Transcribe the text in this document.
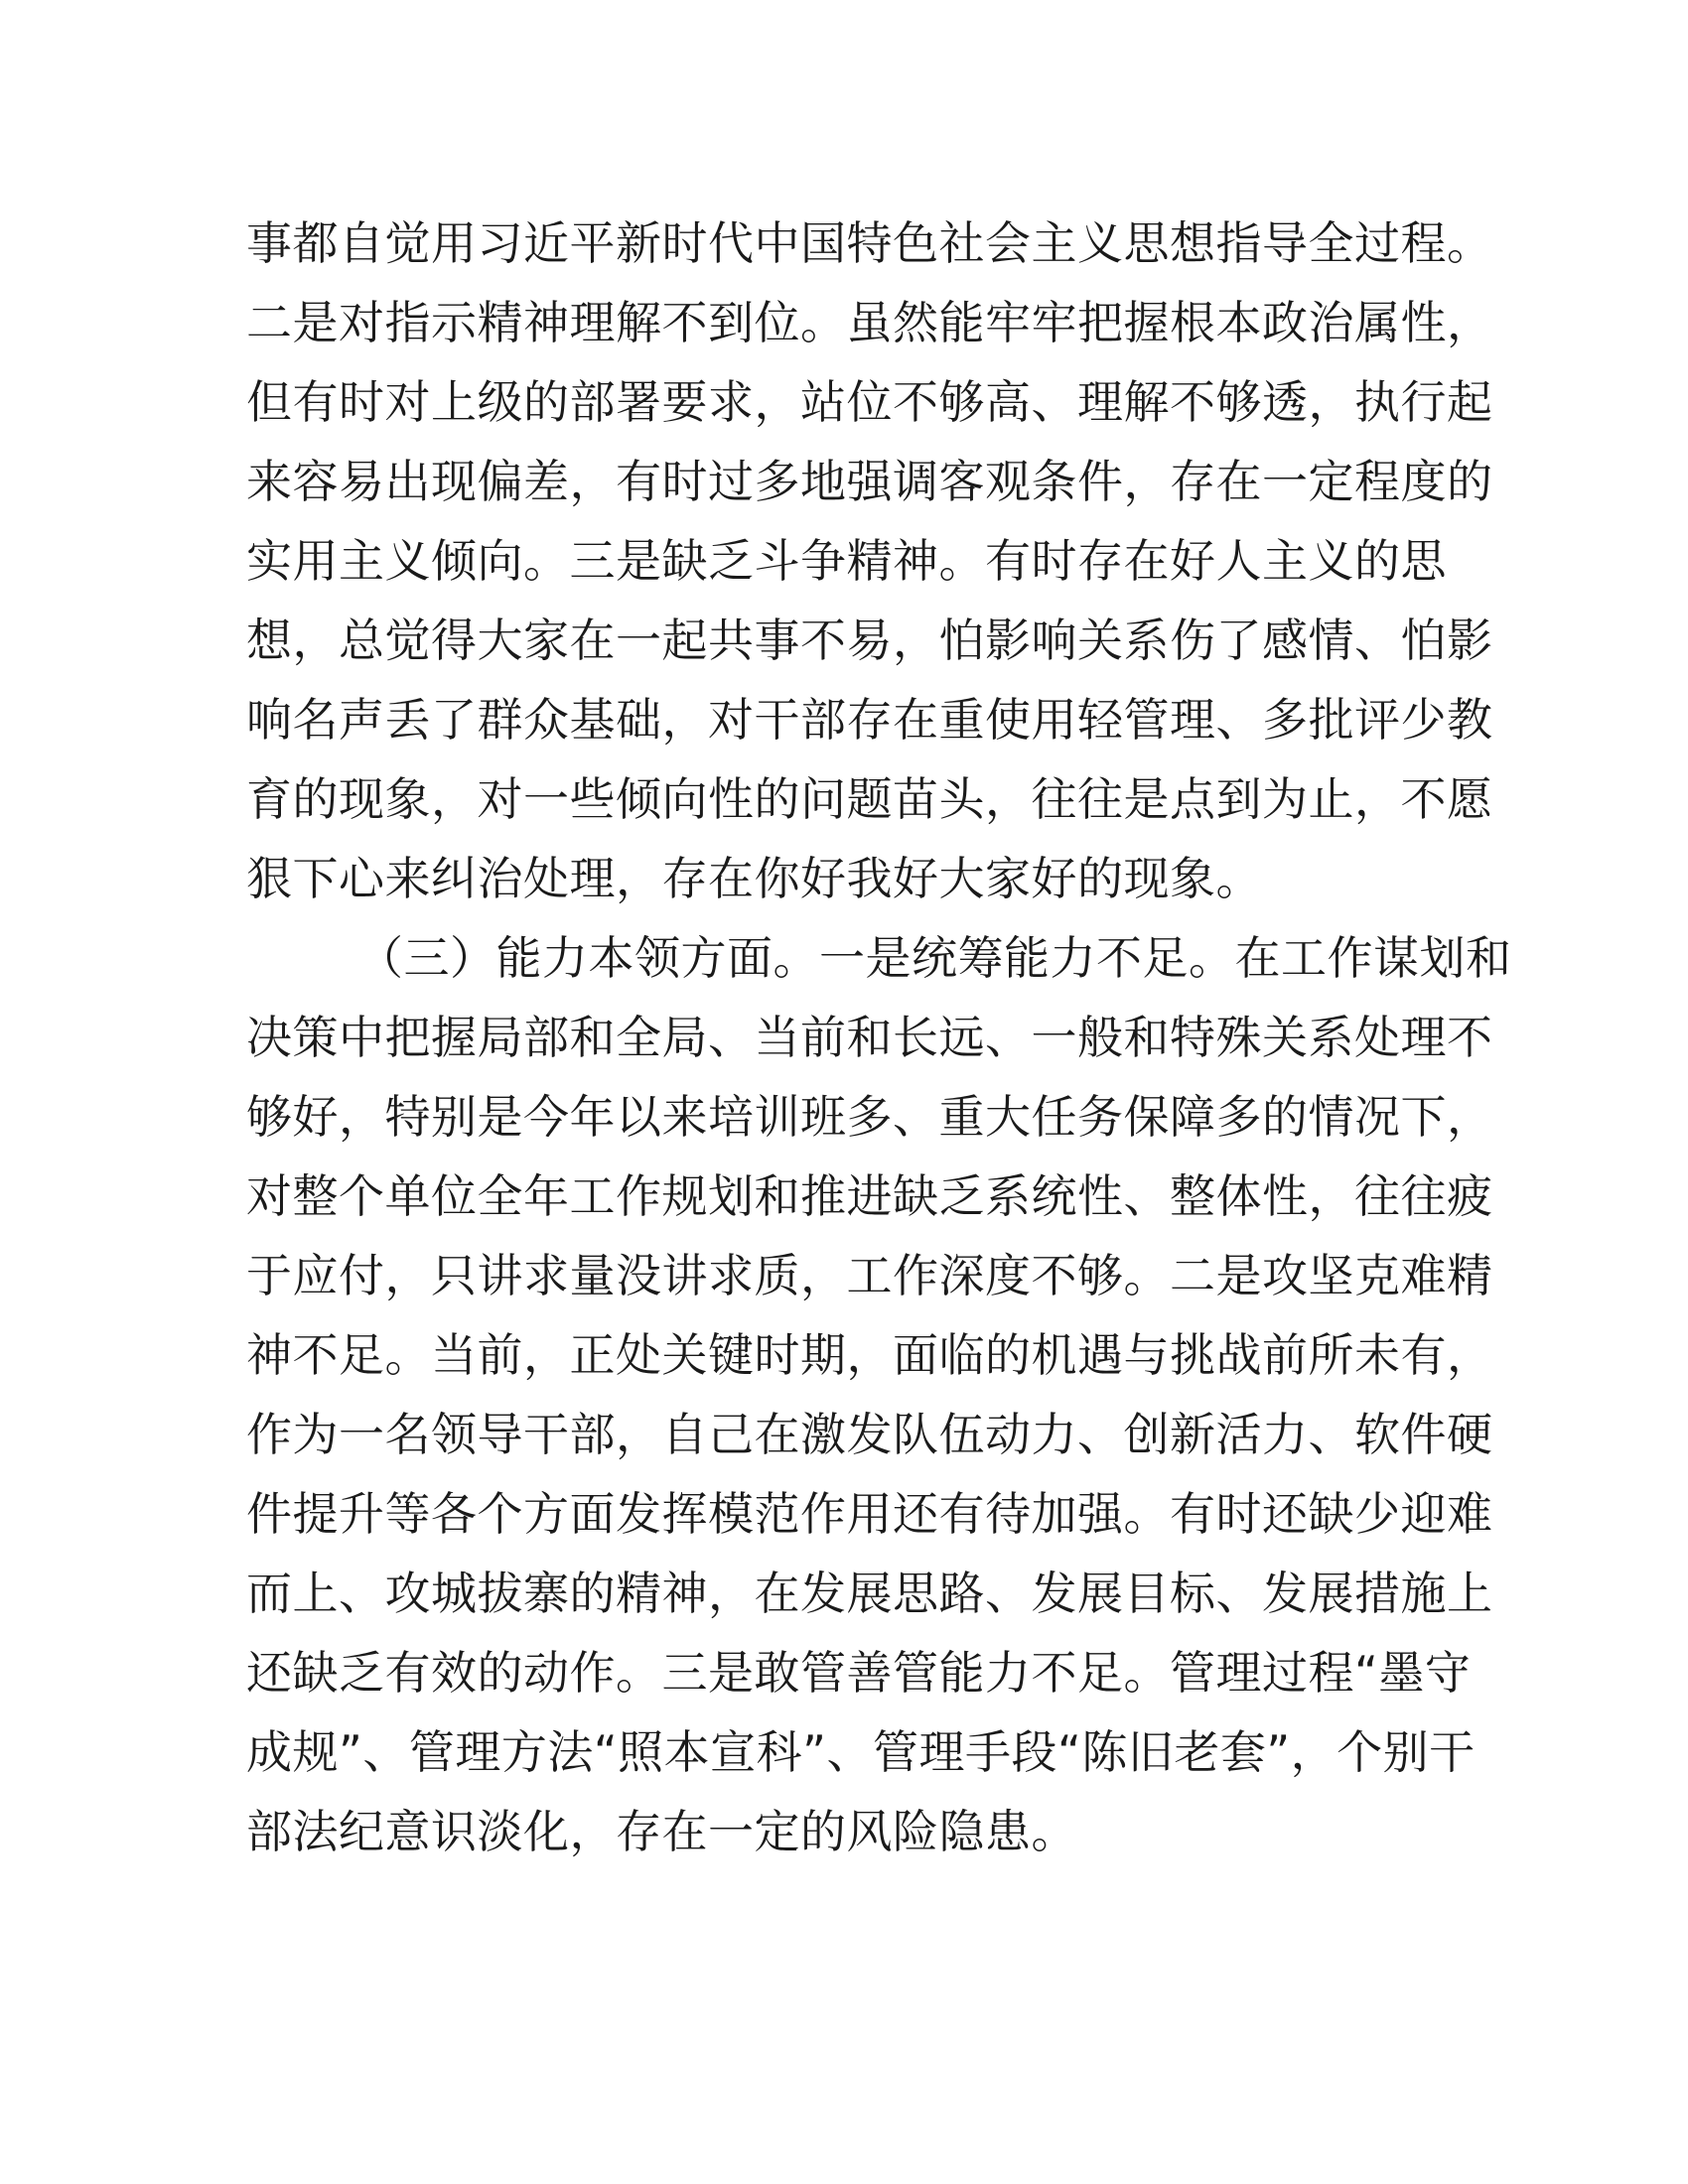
事都自觉用习近平新时代中国特色社会主义思想指导全过程。
二是对指示精神理解不到位。虽然能牢牢把握根本政治属性，
但有时对上级的部署要求，站位不够高、理解不够透，执行起
来容易出现偏差，有时过多地强调客观条件，存在一定程度的
实用主义倾向。三是缺乏斗争精神。有时存在好人主义的思
想，总觉得大家在一起共事不易，怕影响关系伤了感情、怕影
响名声丢了群众基础，对干部存在重使用轻管理、多批评少教
育的现象，对一些倾向性的问题苗头，往往是点到为止，不愿
狠下心来纠治处理，存在你好我好大家好的现象。
（三）能力本领方面。一是统筹能力不足。在工作谋划和
决策中把握局部和全局、当前和长远、一般和特殊关系处理不
够好，特别是今年以来培训班多、重大任务保障多的情况下，
对整个单位全年工作规划和推进缺乏系统性、整体性，往往疲
于应付，只讲求量没讲求质，工作深度不够。二是攻坚克难精
神不足。当前，正处关键时期，面临的机遇与挑战前所未有，
作为一名领导干部，自己在激发队伍动力、创新活力、软件硬
件提升等各个方面发挥模范作用还有待加强。有时还缺少迎难
而上、攻城拔寨的精神，在发展思路、发展目标、发展措施上
还缺乏有效的动作。三是敢管善管能力不足。管理过程“墨守
成规”、管理方法“照本宣科”、管理手段“陈旧老套”，个别干
部法纪意识淡化，存在一定的风险隐患。
